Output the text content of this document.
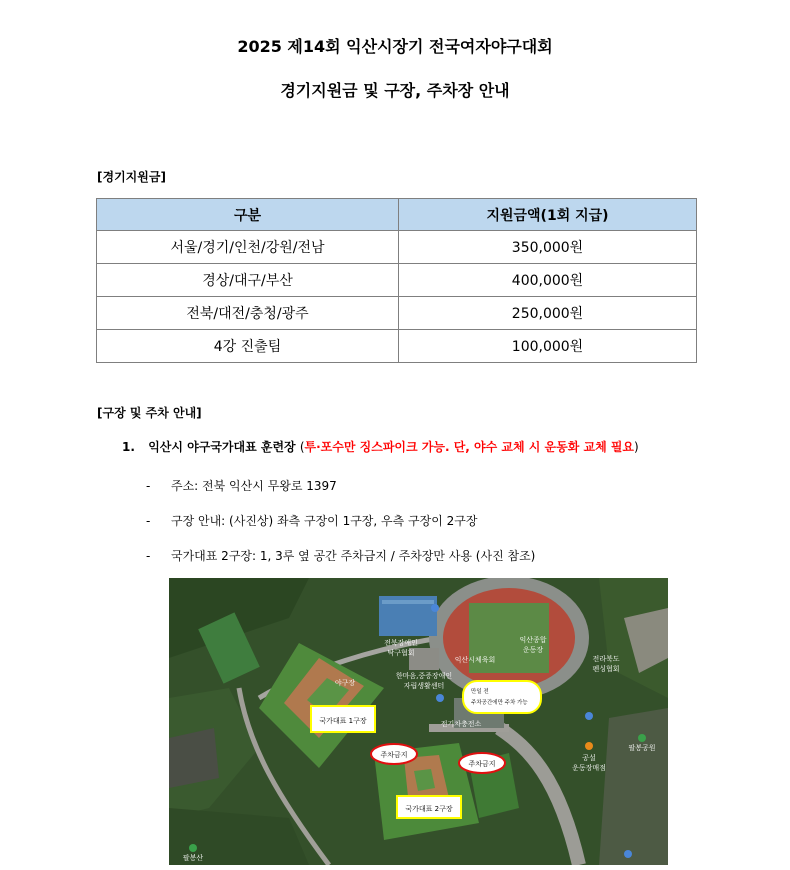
2025 제14회 익산시장기 전국여자야구대회
경기지원금 및 구장, 주차장 안내
[경기지원금]
구분	지원금액(1회 지급)
서울/경기/인천/강원/전남	350,000원
경상/대구/부산	400,000원
전북/대전/충청/광주	250,000원
4강 진출팀	100,000원
[구장 및 주차 안내]
1. 익산시 야구국가대표 훈련장 (투·포수만 징스파이크 가능. 단, 야수 교체 시 운동화 교체 필요)
- 주소: 전북 익산시 무왕로 1397
- 구장 안내: (사진상) 좌측 구장이 1구장, 우측 구장이 2구장
- 국가대표 2구장: 1, 3루 옆 공간 주차금지 / 주차장만 사용 (사진 참조)
국가대표 1구장
국가대표 2구장
주차금지
주차금지
만일 전
주차공간에만 주차 가능
야구장
전북장애인
탁구협회
익산시체육회
익산종합
운동장
한마음,중증장애인
자립생활센터
전기차충전소
전라북도
펜싱협회
팔봉공원
공설
운동장매점
팔봉산
